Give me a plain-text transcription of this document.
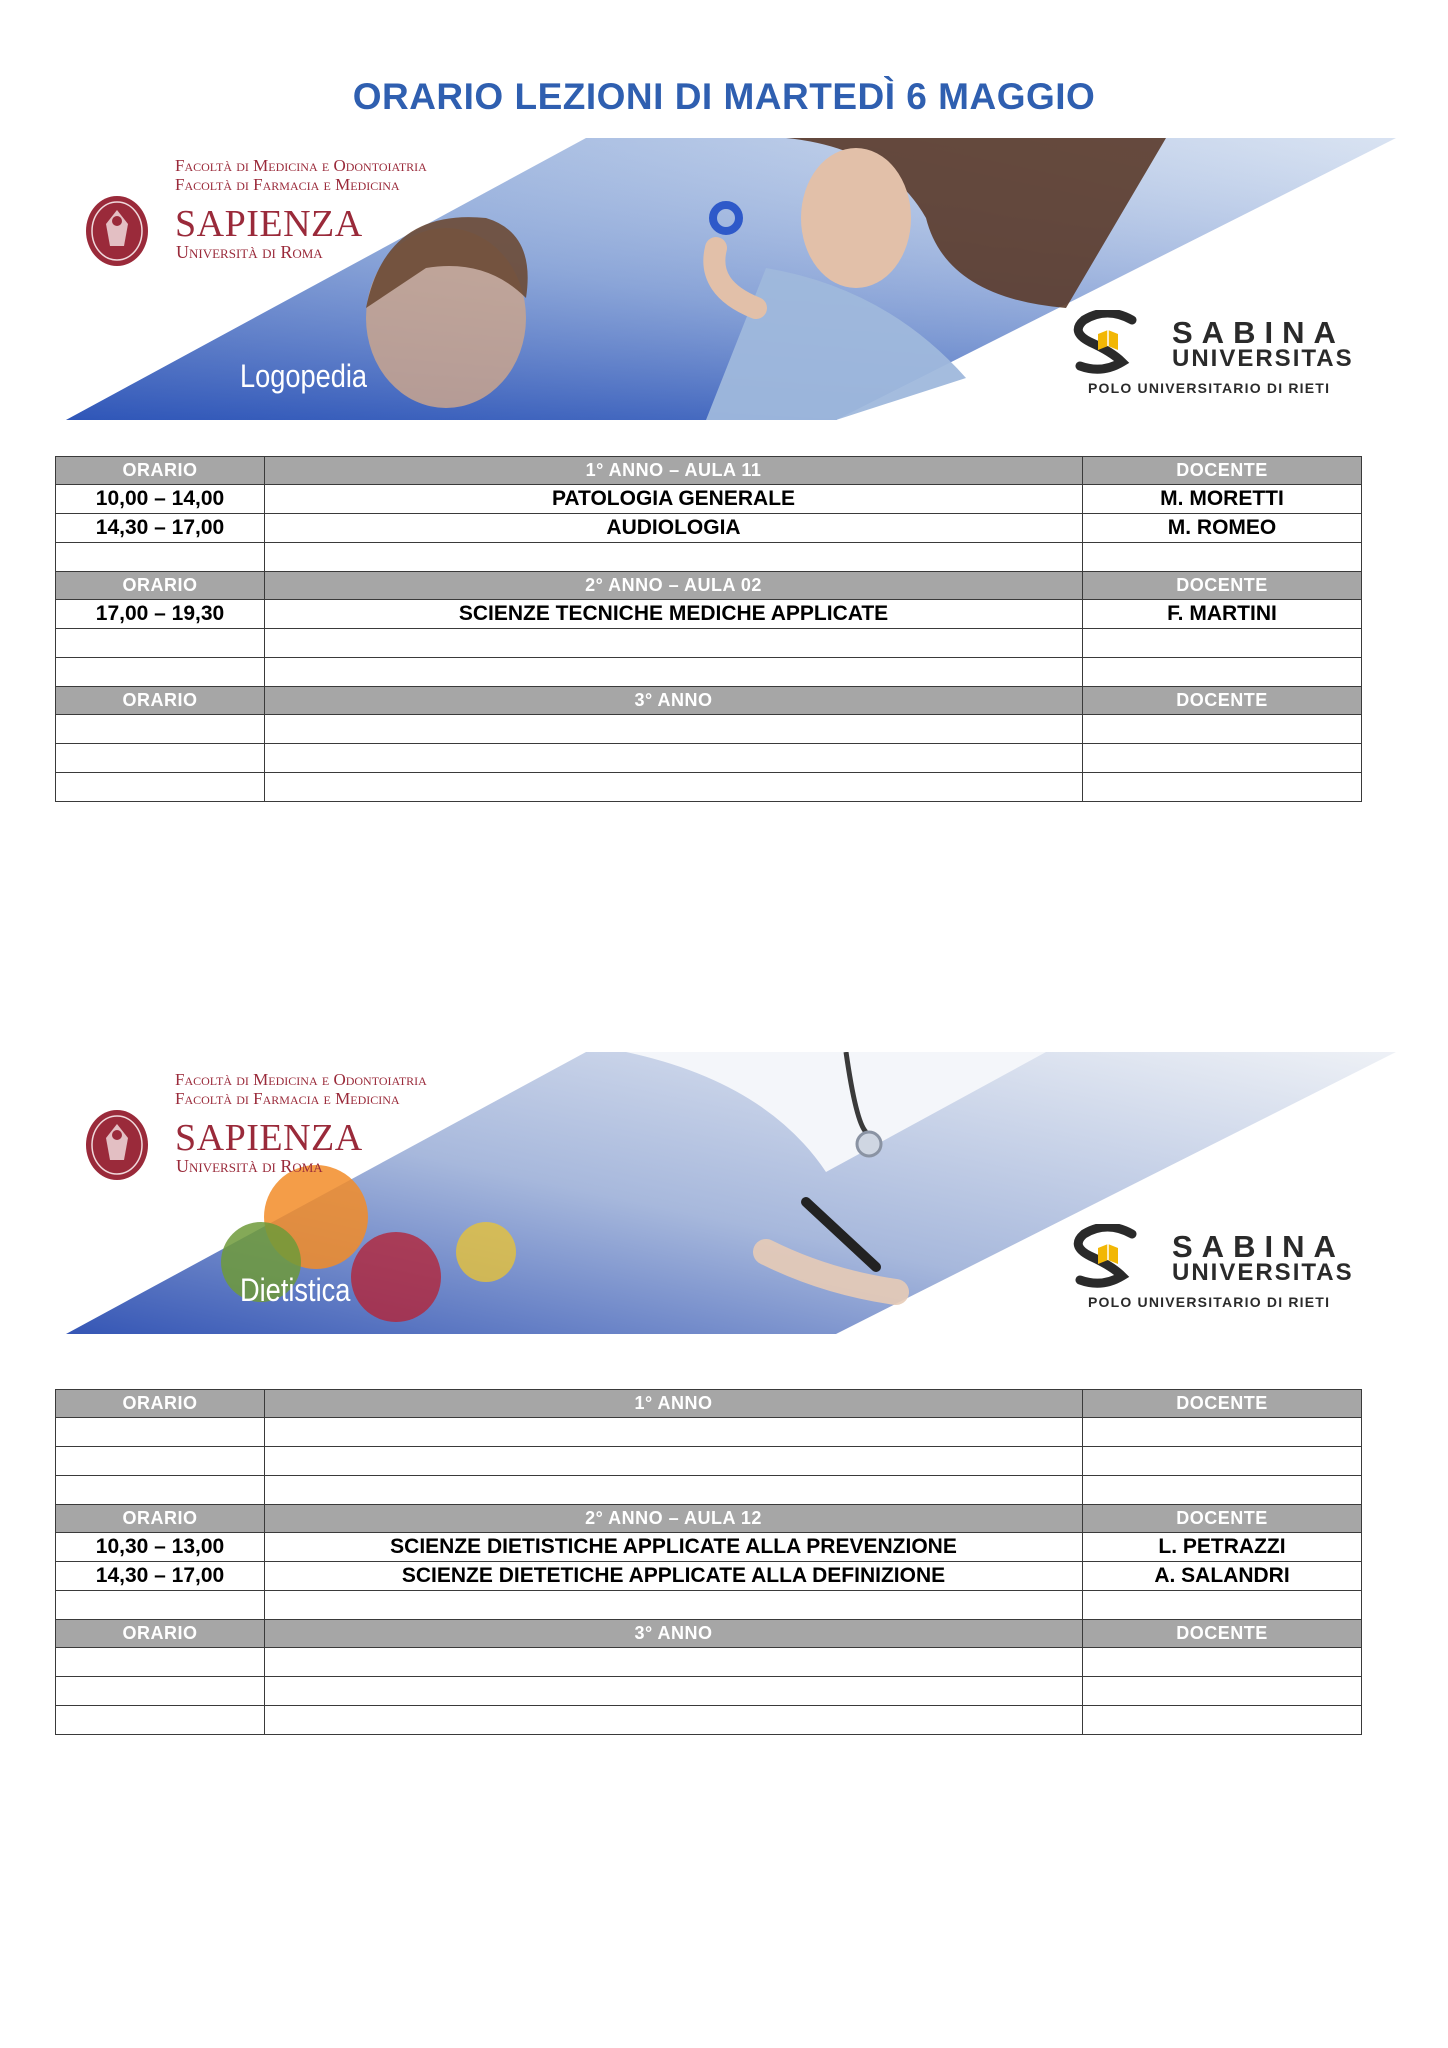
ORARIO LEZIONI DI MARTEDÌ 6 MAGGIO
Facoltà di Medicina e Odontoiatria
Facoltà di Farmacia e Medicina
SAPIENZA
Università di Roma
Logopedia
SABINA
UNIVERSITAS
POLO UNIVERSITARIO DI RIETI
ORARIO	1° ANNO – AULA 11	DOCENTE
10,00 – 14,00	PATOLOGIA GENERALE	M. MORETTI
14,30 – 17,00	AUDIOLOGIA	M. ROMEO

ORARIO	2° ANNO – AULA 02	DOCENTE
17,00 – 19,30	SCIENZE TECNICHE MEDICHE APPLICATE	F. MARTINI

ORARIO	3° ANNO	DOCENTE

Facoltà di Medicina e Odontoiatria
Facoltà di Farmacia e Medicina
SAPIENZA
Università di Roma
Dietistica
SABINA
UNIVERSITAS
POLO UNIVERSITARIO DI RIETI
ORARIO	1° ANNO	DOCENTE

ORARIO	2° ANNO – AULA 12	DOCENTE
10,30 – 13,00	SCIENZE DIETISTICHE APPLICATE ALLA PREVENZIONE	L. PETRAZZI
14,30 – 17,00	SCIENZE DIETETICHE APPLICATE ALLA DEFINIZIONE	A. SALANDRI

ORARIO	3° ANNO	DOCENTE
